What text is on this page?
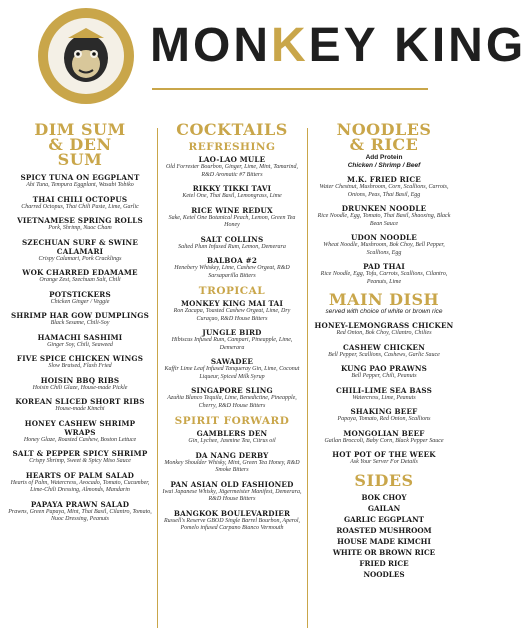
MONKEY KING
DIM SUM & DEN SUM
SPICY TUNA ON EGGPLANT
Ahi Tuna, Tempura Eggplant, Wasabi Tobiko
THAI CHILI OCTOPUS
Charred Octopus, Thai Chili Paste, Lime, Garlic
VIETNAMESE SPRING ROLLS
Pork, Shrimp, Nuoc Cham
SZECHUAN SURF & SWINE CALAMARI
Crispy Calamari, Pork Cracklings
WOK CHARRED EDAMAME
Orange Zest, Szechuan Salt, Chili
POTSTICKERS
Chicken Ginger / Veggie
SHRIMP HAR GOW DUMPLINGS
Black Sesame, Chili-Soy
HAMACHI SASHIMI
Ginger Soy, Chili, Seaweed
FIVE SPICE CHICKEN WINGS
Slow Braised, Flash Fried
HOISIN BBQ RIBS
Hoisin Chili Glaze, House-made Pickle
KOREAN SLICED SHORT RIBS
House-made Kimchi
HONEY CASHEW SHRIMP WRAPS
Honey Glaze, Roasted Cashew, Boston Lettuce
SALT & PEPPER SPICY SHRIMP
Crispy Shrimp, Sweet & Spicy Miso Sauce
HEARTS OF PALM SALAD
Hearts of Palm, Watercress, Avocado, Tomato, Cucumber, Lime-Chili Dressing, Almonds, Mandarin
PAPAYA PRAWN SALAD
Prawns, Green Papaya, Mint, Thai Basil, Cilantro, Tomato, Nuoc Dressing, Peanuts
COCKTAILS
REFRESHING
LAO-LAO MULE
Old Forrester Bourbon, Ginger, Lime, Mint, Tamarind, R&D Aromatic #7 Bitters
RIKKY TIKKI TAVI
Ketel One, Thai Basil, Lemongrass, Lime
RICE WINE REDUX
Sake, Ketel One Botanical Peach, Lemon, Green Tea Honey
SALT COLLINS
Salted Plum Infused Rum, Lemon, Demerara
BALBOA #2
Henebery Whiskey, Lime, Cashew Orgeat, R&D Sarsaparilla Bitters
TROPICAL
MONKEY KING MAI TAI
Ron Zacapa, Toasted Cashew Orgeat, Lime, Dry Curaçao, R&D House Bitters
JUNGLE BIRD
Hibiscus Infused Rum, Campari, Pineapple, Lime, Demerara
SAWADEE
Kaffir Lime Leaf Infused Tanqueray Gin, Lime, Coconut Liqueur, Spiced Milk Syrup
SINGAPORE SLING
Azuñia Blanco Tequila, Lime, Benedictine, Pineapple, Cherry, R&D House Bitters
SPIRIT FORWARD
GAMBLERS DEN
Gin, Lychee, Jasmine Tea, Citrus oil
DA NANG DERBY
Monkey Shoulder Whisky, Mint, Green Tea Honey, R&D Smoke Bitters
PAN ASIAN OLD FASHIONED
Iwai Japanese Whisky, Jägermeister Manifest, Demerara, R&D House Bitters
BANGKOK BOULEVARDIER
Russell's Reserve GBOD Single Barrel Bourbon, Aperol, Pomelo infused Carpano Bianco Vermouth
NOODLES & RICE
Add Protein
Chicken / Shrimp / Beef
M.K. FRIED RICE
Water Chestnut, Mushroom, Corn, Scallions, Carrots, Onions, Peas, Thai Basil, Egg
DRUNKEN NOODLE
Rice Noodle, Egg, Tomato, Thai Basil, Shaoxing, Black Bean Sauce
UDON NOODLE
Wheat Noodle, Mushroom, Bok Choy, Bell Pepper, Scallions, Egg
PAD THAI
Rice Noodle, Egg, Tofu, Carrots, Scallions, Cilantro, Peanuts, Lime
MAIN DISH
served with choice of white or brown rice
HONEY-LEMONGRASS CHICKEN
Red Onion, Bok Choy, Cilantro, Chilies
CASHEW CHICKEN
Bell Pepper, Scallions, Cashews, Garlic Sauce
KUNG PAO PRAWNS
Bell Pepper, Chili, Peanuts
CHILI-LIME SEA BASS
Watercress, Lime, Peanuts
SHAKING BEEF
Papaya, Tomato, Red Onion, Scallions
MONGOLIAN BEEF
Gailan Broccoli, Baby Corn, Black Pepper Sauce
HOT POT OF THE WEEK
Ask Your Server For Details
SIDES
BOK CHOY
GAILAN
GARLIC EGGPLANT
ROASTED MUSHROOM
HOUSE MADE KIMCHI
WHITE OR BROWN RICE
FRIED RICE
NOODLES
